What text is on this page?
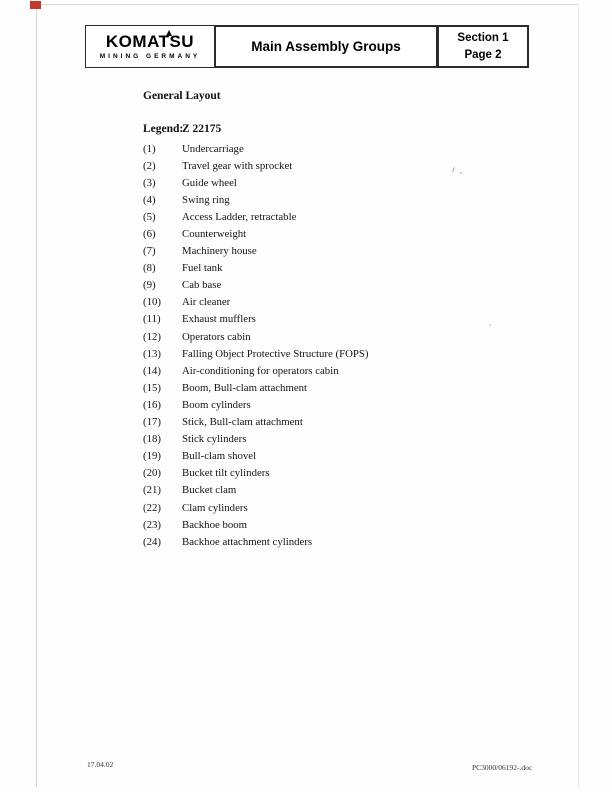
KOMATSU
MINING GERMANY
Main Assembly Groups
Section 1
Page 2
General Layout
Legend:Z 22175
(1)	Undercarriage
(2)	Travel gear with sprocket
(3)	Guide wheel
(4)	Swing ring
(5)	Access Ladder, retractable
(6)	Counterweight
(7)	Machinery house
(8)	Fuel tank
(9)	Cab base
(10)	Air cleaner
(11)	Exhaust mufflers
(12)	Operators cabin
(13)	Falling Object Protective Structure (FOPS)
(14)	Air-conditioning for operators cabin
(15)	Boom, Bull-clam attachment
(16)	Boom cylinders
(17)	Stick, Bull-clam attachment
(18)	Stick cylinders
(19)	Bull-clam shovel
(20)	Bucket tilt cylinders
(21)	Bucket clam
(22)	Clam cylinders
(23)	Backhoe boom
(24)	Backhoe attachment cylinders
17.04.02	PC3000/06192-.doc
